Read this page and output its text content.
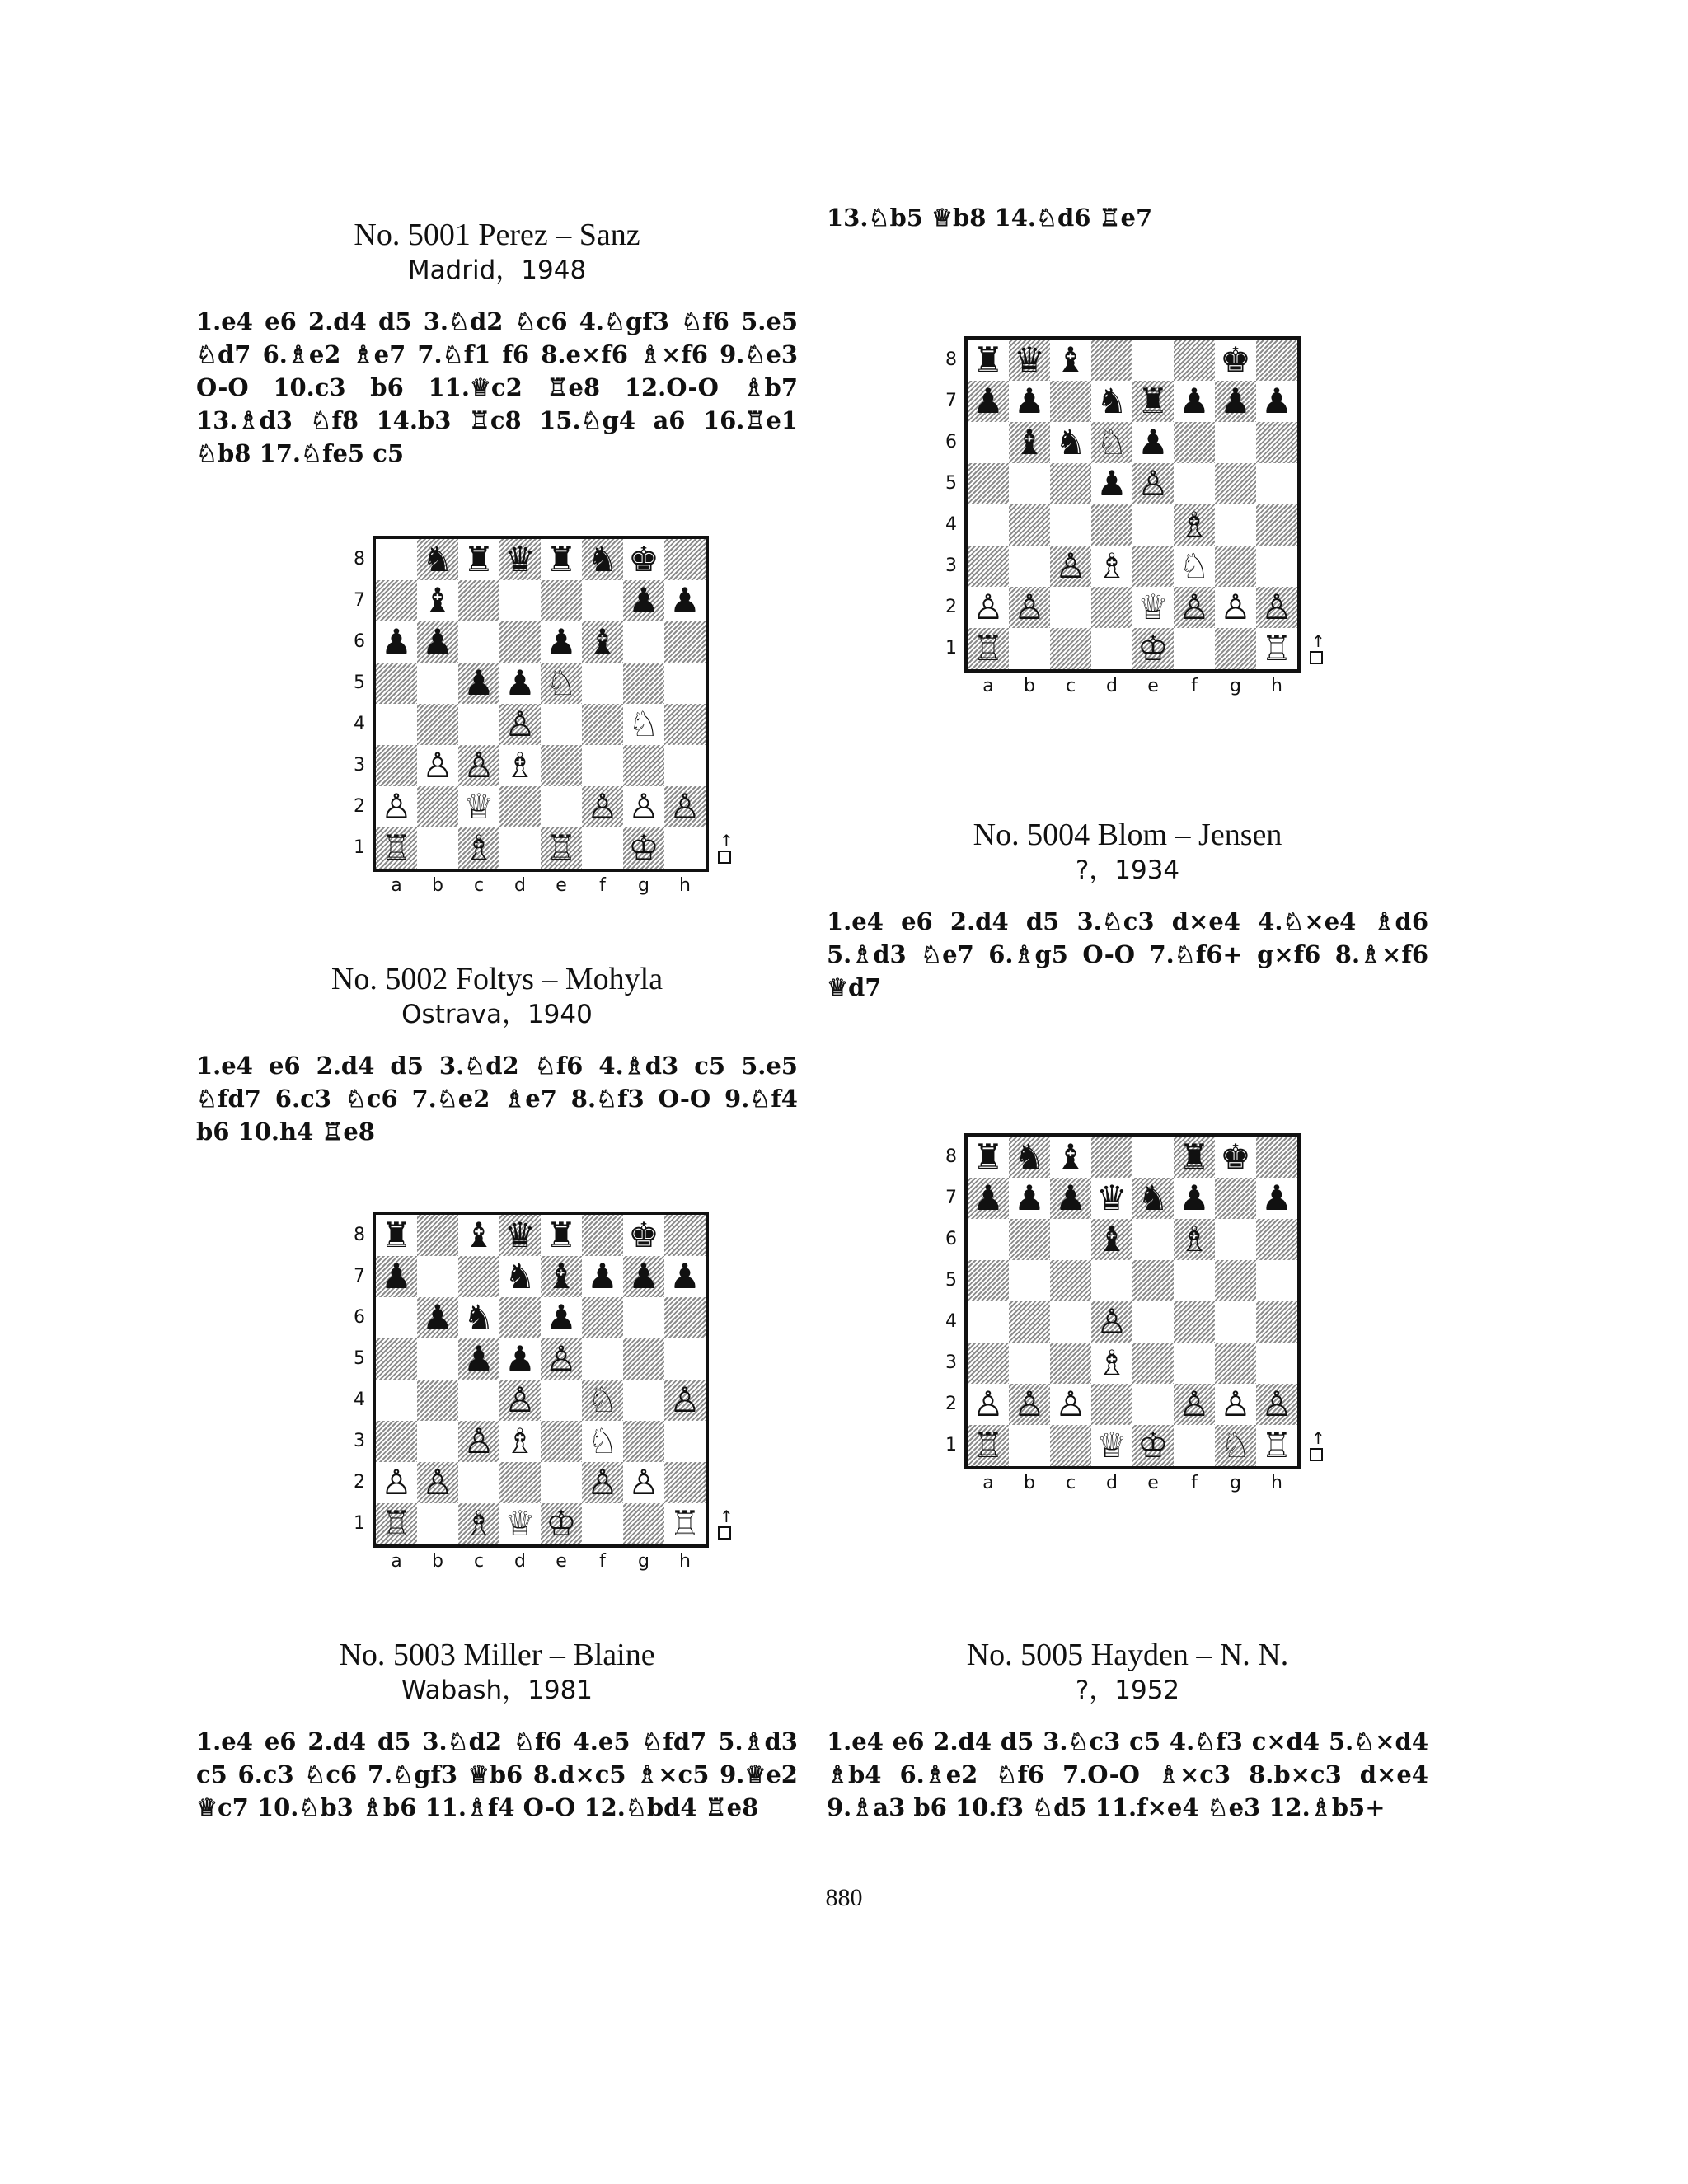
No. 5001 Perez – Sanz
Madrid，1948
1.e4 e6 2.d4 d5 3.♘d2 ♘c6 4.♘gf3 ♘f6 5.e5 ♘d7 6.♗e2 ♗e7 7.♘f1 f6 8.e×f6 ♗×f6 9.♘e3 O-O 10.c3 b6 11.♕c2 ♖e8 12.O-O ♗b7 13.♗d3 ♘f8 14.b3 ♖c8 15.♘g4 a6 16.♖e1 ♘b8 17.♘fe5 c5
No. 5002 Foltys – Mohyla
Ostrava，1940
1.e4 e6 2.d4 d5 3.♘d2 ♘f6 4.♗d3 c5 5.e5 ♘fd7 6.c3 ♘c6 7.♘e2 ♗e7 8.♘f3 O-O 9.♘f4 b6 10.h4 ♖e8
No. 5003 Miller – Blaine
Wabash，1981
1.e4 e6 2.d4 d5 3.♘d2 ♘f6 4.e5 ♘fd7 5.♗d3 c5 6.c3 ♘c6 7.♘gf3 ♕b6 8.d×c5 ♗×c5 9.♕e2 ♕c7 10.♘b3 ♗b6 11.♗f4 O-O 12.♘bd4 ♖e8
13.♘b5 ♕b8 14.♘d6 ♖e7
No. 5004 Blom – Jensen
?，1934
1.e4 e6 2.d4 d5 3.♘c3 d×e4 4.♘×e4 ♗d6 5.♗d3 ♘e7 6.♗g5 O-O 7.♘f6+ g×f6 8.♗×f6 ♕d7
No. 5005 Hayden – N. N.
?，1952
1.e4 e6 2.d4 d5 3.♘c3 c5 4.♘f3 c×d4 5.♘×d4 ♗b4 6.♗e2 ♘f6 7.O-O ♗×c3 8.b×c3 d×e4 9.♗a3 b6 10.f3 ♘d5 11.f×e4 ♘e3 12.♗b5+
♞ ♜ ♛ ♜ ♞ ♚
♝	♟ ♟
♟ ♟	♟ ♝
♟ ♟ ♘
♙	♘
♙ ♙ ♗
♙ ♕	♙ ♙ ♙
♖ ♗ ♖ ♔
8
7
6
5
4
3
2
1
a	b	c	d	e	f	g	h
↑
♜ ♝ ♛ ♜ ♚
♟	♞ ♝ ♟ ♟ ♟
♟ ♞ ♟
♟ ♟ ♙
♙ ♘ ♙
♙ ♗ ♘
♙ ♙	♙ ♙
♖ ♗ ♕ ♔	♖
8
7
6
5
4
3
2
1
a	b	c	d	e	f	g	h
↑
♜ ♛ ♝	♚
♟ ♟ ♞ ♜ ♟ ♟ ♟
♝ ♞ ♘ ♟
♟ ♙
♗
♙ ♗ ♘
♙ ♙	♕ ♙ ♙ ♙
♖	♔	♖
8
7
6
5
4
3
2
1
a	b	c	d	e	f	g	h
↑
♜ ♞ ♝	♜ ♚
♟ ♟ ♟ ♛ ♞ ♟ ♟
♝ ♗
♙
♗
♙ ♙ ♙	♙ ♙ ♙
♖	♕ ♔ ♘ ♖
8
7
6
5
4
3
2
1
a	b	c	d	e	f	g	h
↑
880
